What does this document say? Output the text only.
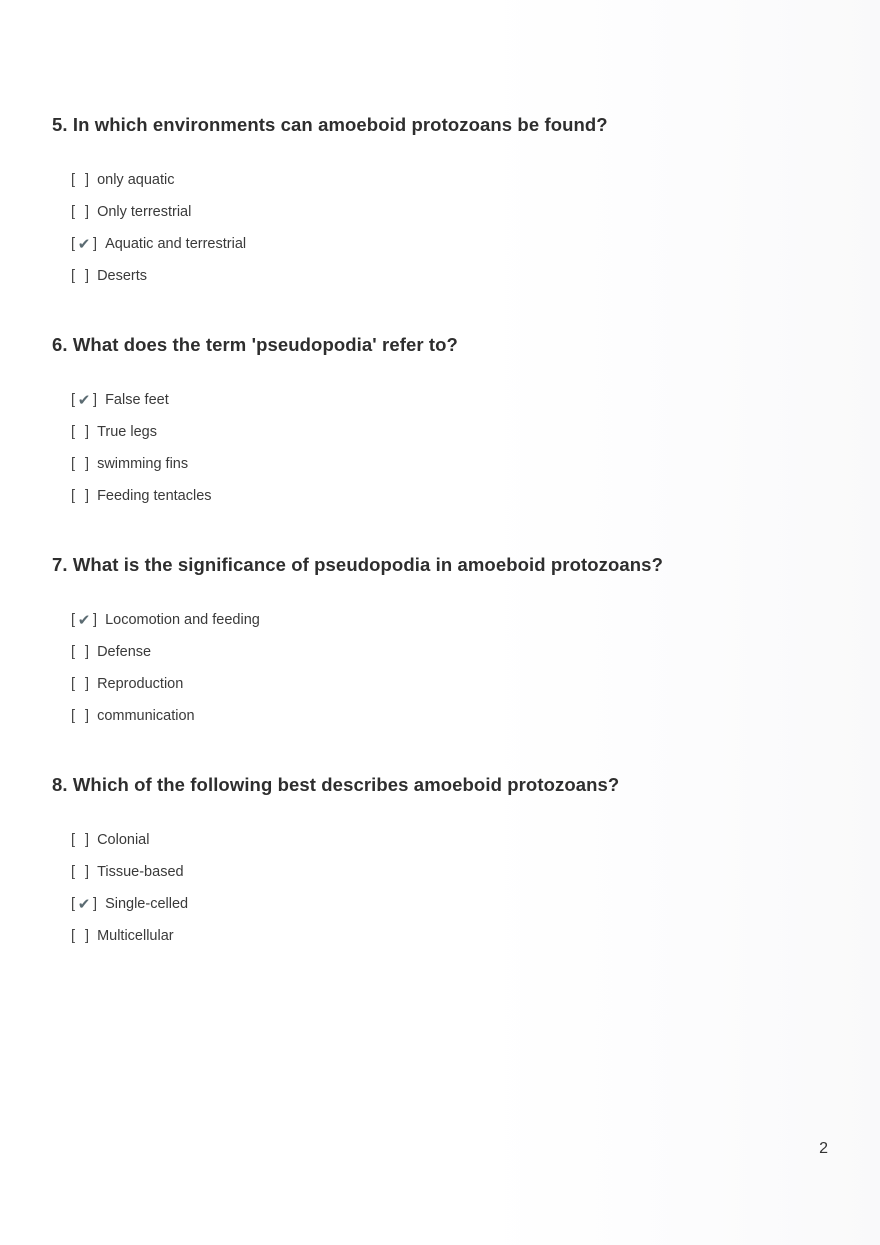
5. In which environments can amoeboid protozoans be found?
[ ] only aquatic
[ ] Only terrestrial
[ ✔ ] Aquatic and terrestrial
[ ] Deserts
6. What does the term 'pseudopodia' refer to?
[ ✔ ] False feet
[ ] True legs
[ ] swimming fins
[ ] Feeding tentacles
7. What is the significance of pseudopodia in amoeboid protozoans?
[ ✔ ] Locomotion and feeding
[ ] Defense
[ ] Reproduction
[ ] communication
8. Which of the following best describes amoeboid protozoans?
[ ] Colonial
[ ] Tissue-based
[ ✔ ] Single-celled
[ ] Multicellular
2
